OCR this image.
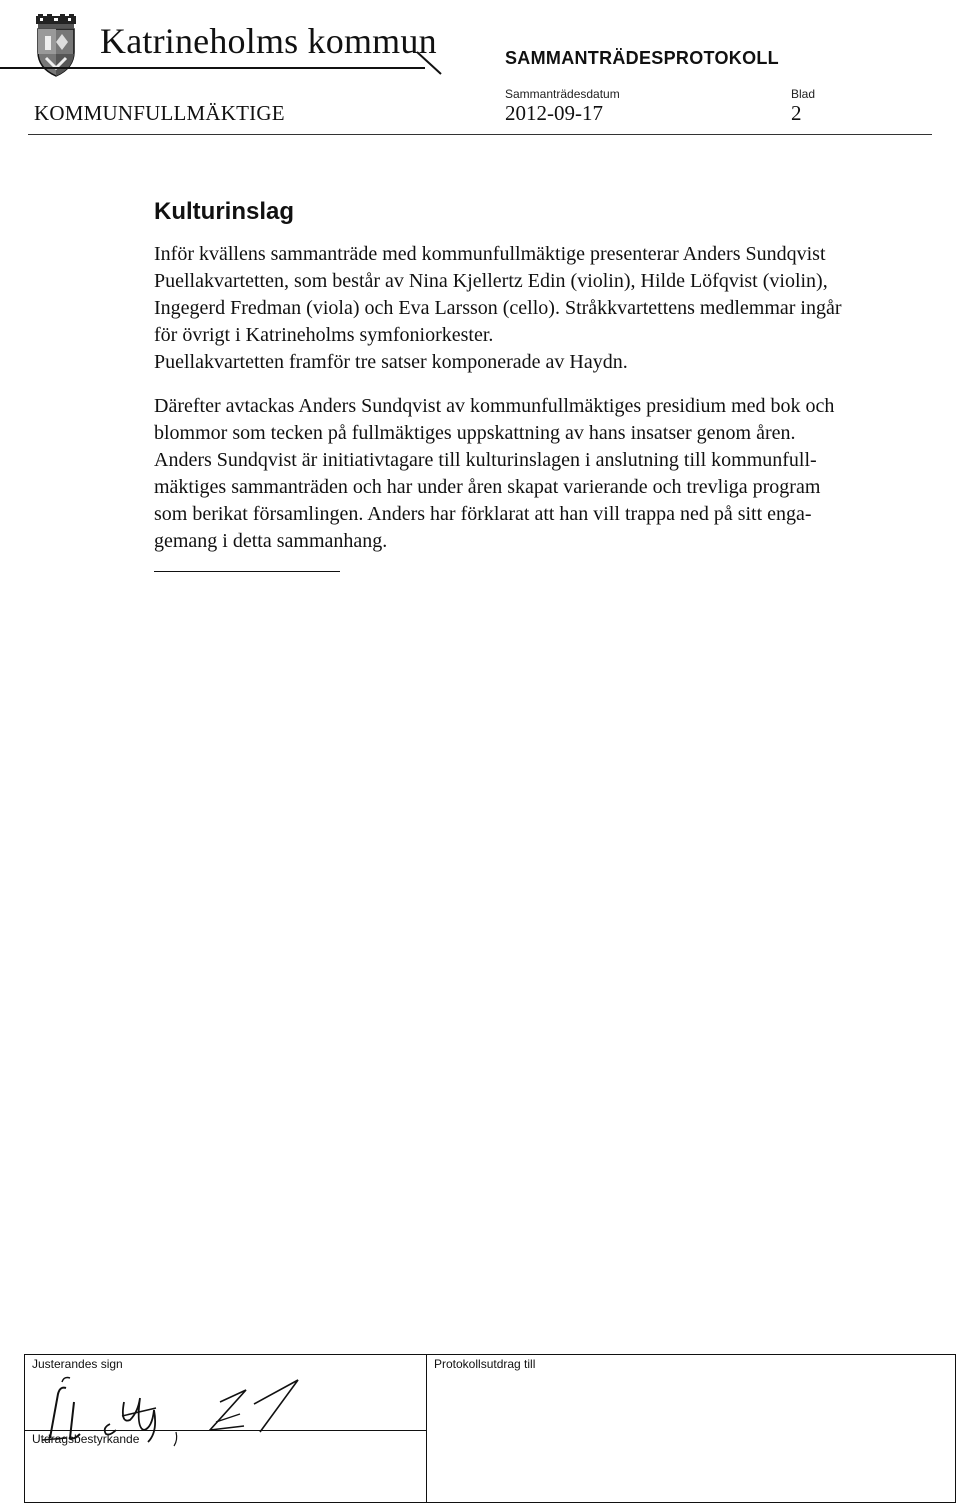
Katrineholms kommun	SAMMANTRÄDESPROTOKOLL
Sammanträdesdatum	Blad
KOMMUNFULLMÄKTIGE	2012-09-17	2
Kulturinslag
Inför kvällens sammanträde med kommunfullmäktige presenterar Anders Sundqvist
Puellakvartetten, som består av Nina Kjellertz Edin (violin), Hilde Löfqvist (violin),
Ingegerd Fredman (viola) och Eva Larsson (cello). Stråkkvartettens medlemmar ingår
för övrigt i Katrineholms symfoniorkester.
Puellakvartetten framför tre satser komponerade av Haydn.
Därefter avtackas Anders Sundqvist av kommunfullmäktiges presidium med bok och
blommor som tecken på fullmäktiges uppskattning av hans insatser genom åren.
Anders Sundqvist är initiativtagare till kulturinslagen i anslutning till kommunfull-
mäktiges sammanträden och har under åren skapat varierande och trevliga program
som berikat församlingen. Anders har förklarat att han vill trappa ned på sitt enga-
gemang i detta sammanhang.
Justerandes sign	Protokollsutdrag till
Utdragsbestyrkande
